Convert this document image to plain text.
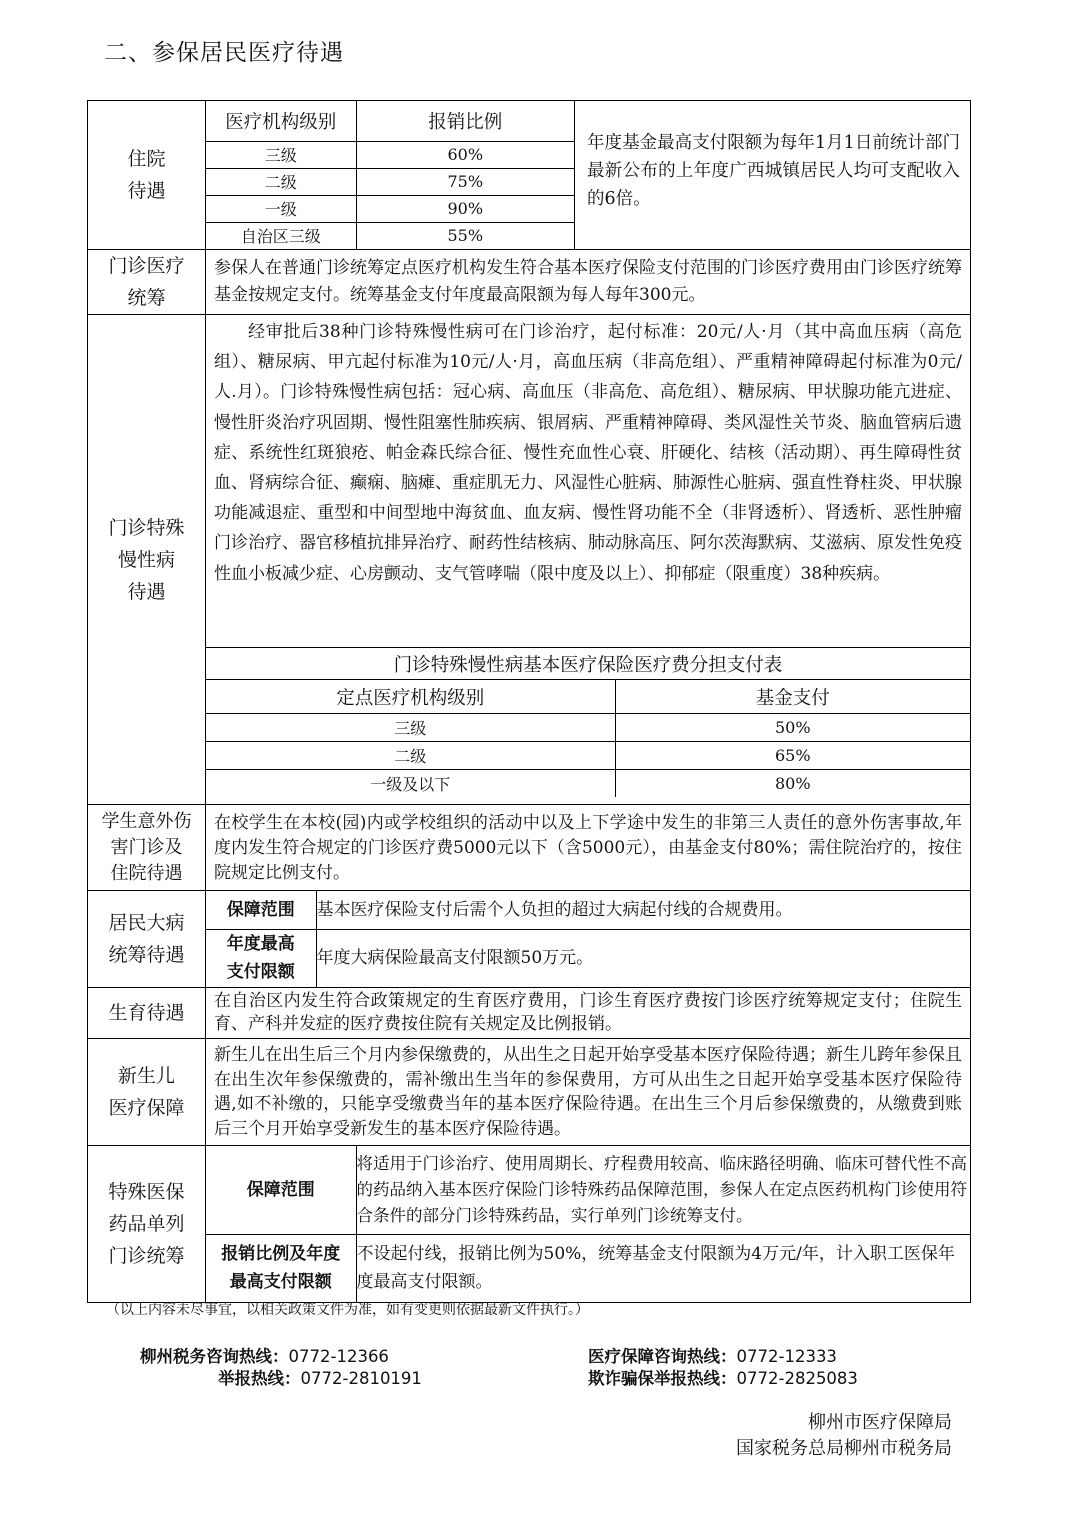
二、参保居民医疗待遇
住院
待遇

医疗机构级别	报销比例
三级	60%
二级	75%
一级	90%
自治区三级	55%
年度基金最高支付限额为每年1月1日前统计部门最新公布的上年度广西城镇居民人均可支配收入的6倍。

门诊医疗
统筹

参保人在普通门诊统筹定点医疗机构发生符合基本医疗保险支付范围的门诊医疗费用由门诊医疗统筹基金按规定支付。统筹基金支付年度最高限额为每人每年300元。

门诊特殊
慢性病
待遇

经审批后38种门诊特殊慢性病可在门诊治疗，起付标准：20元/人·月（其中高血压病（高危组）、糖尿病、甲亢起付标准为10元/人·月，高血压病（非高危组）、严重精神障碍起付标准为0元/人.月）。门诊特殊慢性病包括：冠心病、高血压（非高危、高危组）、糖尿病、甲状腺功能亢进症、慢性肝炎治疗巩固期、慢性阻塞性肺疾病、银屑病、严重精神障碍、类风湿性关节炎、脑血管病后遗症、系统性红斑狼疮、帕金森氏综合征、慢性充血性心衰、肝硬化、结核（活动期）、再生障碍性贫血、肾病综合征、癫痫、脑瘫、重症肌无力、风湿性心脏病、肺源性心脏病、强直性脊柱炎、甲状腺功能减退症、重型和中间型地中海贫血、血友病、慢性肾功能不全（非肾透析）、肾透析、恶性肿瘤门诊治疗、器官移植抗排异治疗、耐药性结核病、肺动脉高压、阿尔茨海默病、艾滋病、原发性免疫性血小板减少症、心房颤动、支气管哮喘（限中度及以上）、抑郁症（限重度）38种疾病。
门诊特殊慢性病基本医疗保险医疗费分担支付表
定点医疗机构级别	基金支付
三级	50%
二级	65%
一级及以下	80%

学生意外伤
害门诊及
住院待遇

在校学生在本校(园)内或学校组织的活动中以及上下学途中发生的非第三人责任的意外伤害事故,年度内发生符合规定的门诊医疗费5000元以下（含5000元），由基金支付80%；需住院治疗的，按住院规定比例支付。

居民大病
统筹待遇

保障范围	基本医疗保险支付后需个人负担的超过大病起付线的合规费用。

年度最高
支付限额
	年度大病保险最高支付限额50万元。

生育待遇

在自治区内发生符合政策规定的生育医疗费用，门诊生育医疗费按门诊医疗统筹规定支付；住院生育、产科并发症的医疗费按住院有关规定及比例报销。

新生儿
医疗保障

新生儿在出生后三个月内参保缴费的，从出生之日起开始享受基本医疗保险待遇；新生儿跨年参保且在出生次年参保缴费的，需补缴出生当年的参保费用，方可从出生之日起开始享受基本医疗保险待遇,如不补缴的，只能享受缴费当年的基本医疗保险待遇。在出生三个月后参保缴费的，从缴费到账后三个月开始享受新发生的基本医疗保险待遇。

特殊医保
药品单列
门诊统筹

保障范围	将适用于门诊治疗、使用周期长、疗程费用较高、临床路径明确、临床可替代性不高的药品纳入基本医疗保险门诊特殊药品保障范围，参保人在定点医药机构门诊使用符合条件的部分门诊特殊药品，实行单列门诊统筹支付。

报销比例及年度
最高支付限额
	不设起付线，报销比例为50%，统筹基金支付限额为4万元/年，计入职工医保年度最高支付限额。
（以上内容未尽事宜，以相关政策文件为准，如有变更则依据最新文件执行。）
柳州税务咨询热线：0772-12366
举报热线：0772-2810191
医疗保障咨询热线：0772-12333
欺诈骗保举报热线：0772-2825083
柳州市医疗保障局
国家税务总局柳州市税务局
